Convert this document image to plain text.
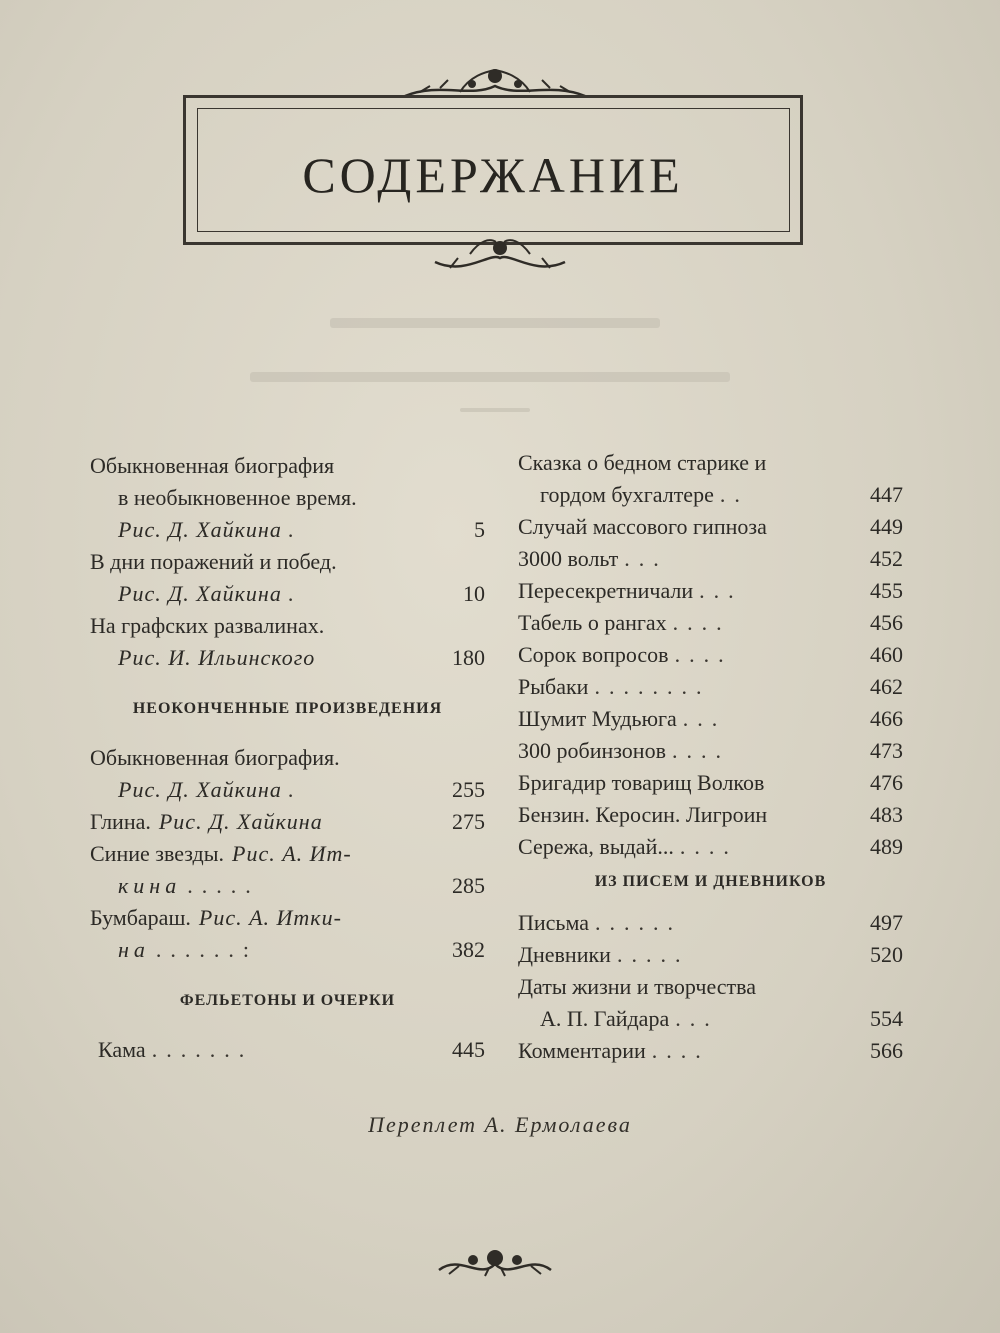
СОДЕРЖАНИЕ
Обыкновенная биография
в необыкновенное время.
Рис. Д. Хайкина .	5
В дни поражений и побед.
Рис. Д. Хайкина .	10
На графских развалинах.
Рис. И. Ильинского	180
НЕОКОНЧЕННЫЕ ПРОИЗВЕДЕНИЯ
Обыкновенная биография.
Рис. Д. Хайкина .	255
Глина. Рис. Д. Хайкина	275
Синие звезды. Рис. А. Ит-
кина .....	285
Бумбараш. Рис. А. Итки-
на ......:	382
ФЕЛЬЕТОНЫ И ОЧЕРКИ
Кама .......	445
Сказка о бедном старике и
гордом бухгалтере ..	447
Случай массового гипноза	449
3000 вольт ...	452
Пересекретничали ...	455
Табель о рангах ....	456
Сорок вопросов ....	460
Рыбаки ........	462
Шумит Мудьюга ...	466
300 робинзонов ....	473
Бригадир товарищ Волков	476
Бензин. Керосин. Лигроин	483
Сережа, выдай... ....	489
ИЗ ПИСЕМ И ДНЕВНИКОВ
Письма ......	497
Дневники .....	520
Даты жизни и творчества
А. П. Гайдара ...	554
Комментарии ....	566
Переплет А. Ермолаева
